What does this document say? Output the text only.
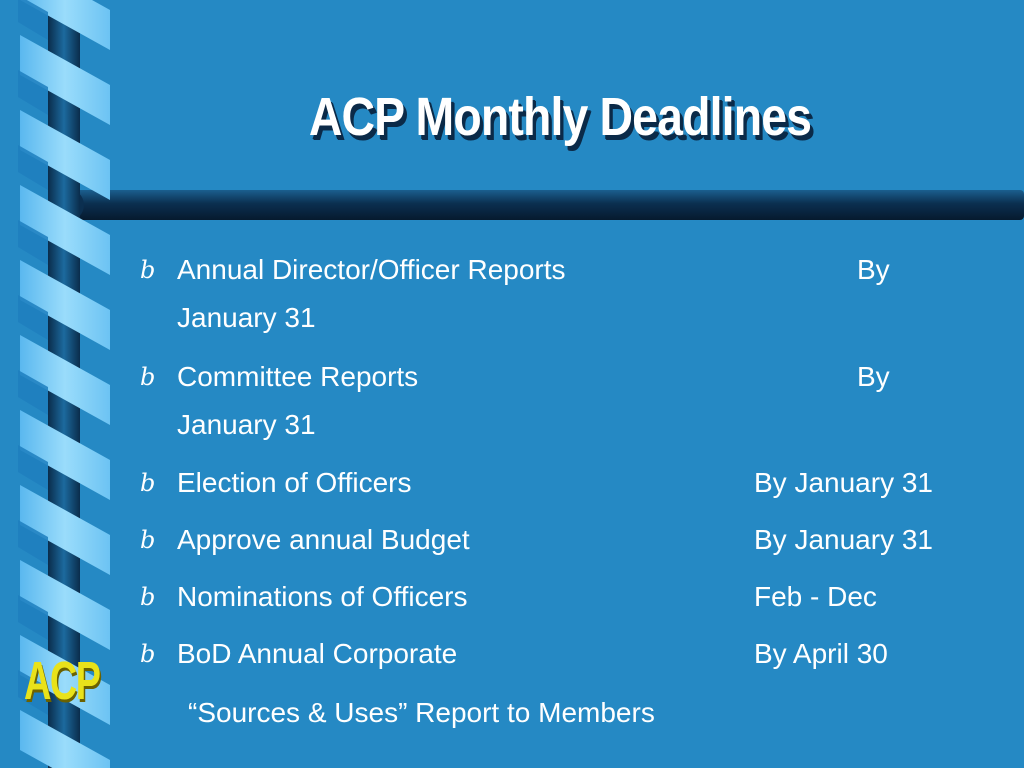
ACP Monthly Deadlines
b Annual Director/Officer Reports	By
January 31
b Committee Reports	By
January 31
b Election of Officers	By January 31
b Approve annual Budget	By January 31
b Nominations of Officers	Feb - Dec
b BoD Annual Corporate	By April 30
“Sources & Uses” Report to Members
ACP
